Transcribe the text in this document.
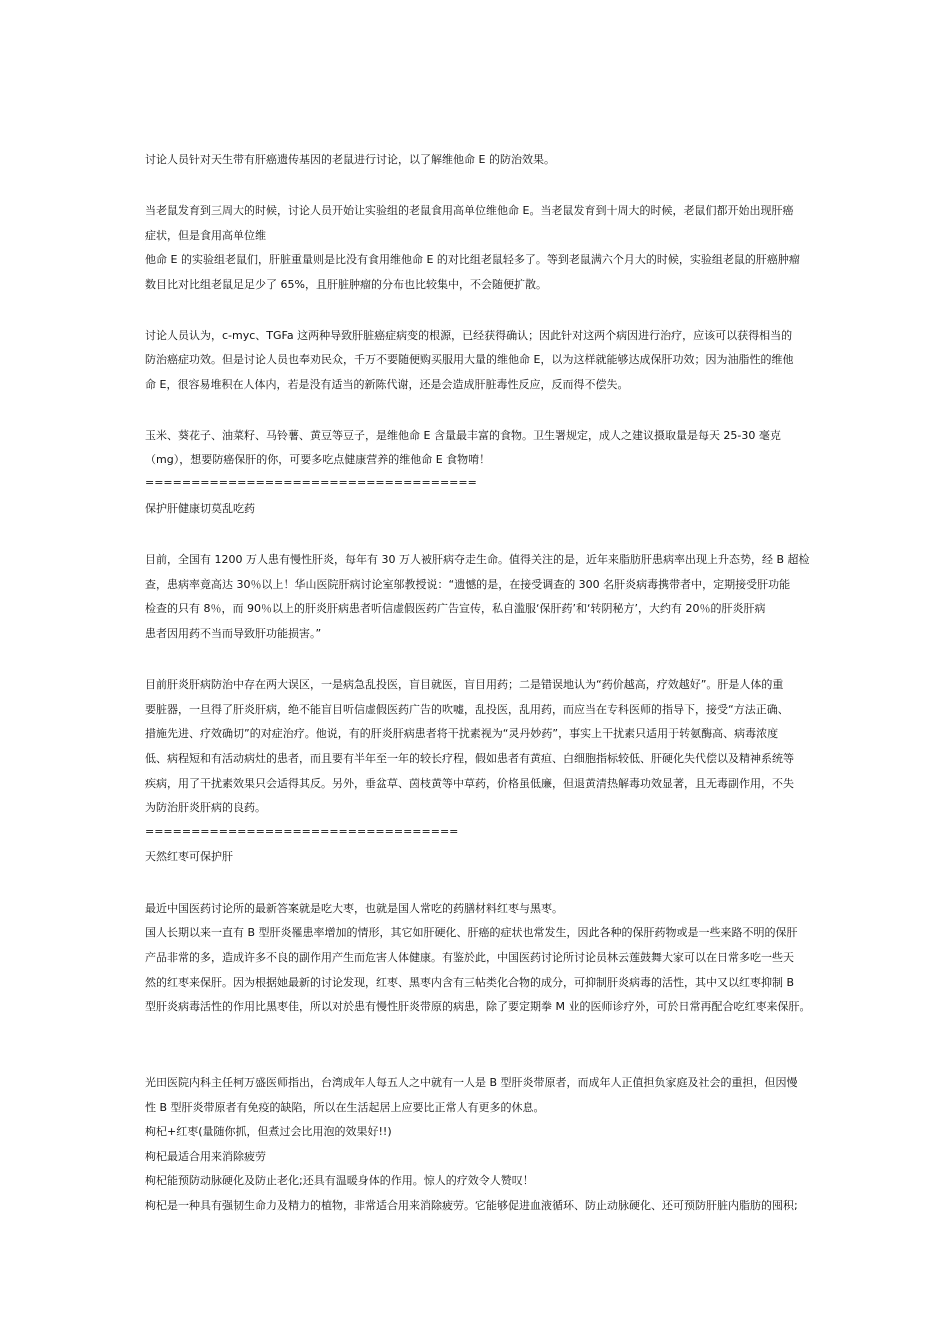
讨论人员针对天生带有肝癌遗传基因的老鼠进行讨论，以了解维他命 E 的防治效果。

当老鼠发育到三周大的时候，讨论人员开始让实验组的老鼠食用高单位维他命 E。当老鼠发育到十周大的时候，老鼠们都开始出现肝癌

症状，但是食用高单位维

他命 E 的实验组老鼠们，肝脏重量则是比没有食用维他命 E 的对比组老鼠轻多了。等到老鼠满六个月大的时候，实验组老鼠的肝癌肿瘤

数目比对比组老鼠足足少了 65%，且肝脏肿瘤的分布也比较集中，不会随便扩散。

讨论人员认为，c-myc、TGFa 这两种导致肝脏癌症病变的根源，已经获得确认；因此针对这两个病因进行治疗，应该可以获得相当的

防治癌症功效。但是讨论人员也奉劝民众，千万不要随便购买服用大量的维他命 E，以为这样就能够达成保肝功效；因为油脂性的维他

命 E，很容易堆积在人体内，若是没有适当的新陈代谢，还是会造成肝脏毒性反应，反而得不偿失。

玉米、葵花子、油菜籽、马铃薯、黄豆等豆子，是维他命 E 含量最丰富的食物。卫生署规定，成人之建议摄取量是每天 25-30 毫克

（mg），想要防癌保肝的你，可要多吃点健康营养的维他命 E 食物唷！

====================================

保护肝健康切莫乱吃药

目前，全国有 1200 万人患有慢性肝炎，每年有 30 万人被肝病夺走生命。值得关注的是，近年来脂肪肝患病率出现上升态势，经 B 超检

查，患病率竟高达 30％以上！华山医院肝病讨论室邬教授说：“遗憾的是，在接受调查的 300 名肝炎病毒携带者中，定期接受肝功能

检查的只有 8％，而 90％以上的肝炎肝病患者听信虚假医药广告宣传，私自滥服‘保肝药’和‘转阴秘方’，大约有 20％的肝炎肝病

患者因用药不当而导致肝功能损害。”

目前肝炎肝病防治中存在两大误区，一是病急乱投医，盲目就医，盲目用药；二是错误地认为“药价越高，疗效越好”。肝是人体的重

要脏器，一旦得了肝炎肝病，绝不能盲目听信虚假医药广告的吹嘘，乱投医，乱用药，而应当在专科医师的指导下，接受“方法正确、

措施先进、疗效确切”的对症治疗。他说，有的肝炎肝病患者将干扰素视为“灵丹妙药”，事实上干扰素只适用于转氨酶高、病毒浓度

低、病程短和有活动病灶的患者，而且要有半年至一年的较长疗程，假如患者有黄疸、白细胞指标较低、肝硬化失代偿以及精神系统等

疾病，用了干扰素效果只会适得其反。另外，垂盆草、茵枝黄等中草药，价格虽低廉，但退黄清热解毒功效显著，且无毒副作用，不失

为防治肝炎肝病的良药。

==================================

天然红枣可保护肝

最近中国医药讨论所的最新答案就是吃大枣，也就是国人常吃的药膳材料红枣与黑枣。

国人长期以来一直有 B 型肝炎罹患率增加的情形，其它如肝硬化、肝癌的症状也常发生，因此各种的保肝药物或是一些来路不明的保肝

产品非常的多，造成许多不良的副作用产生而危害人体健康。有鉴於此，中国医药讨论所讨论员林云莲鼓舞大家可以在日常多吃一些天

然的红枣来保肝。因为根据她最新的讨论发现，红枣、黑枣内含有三帖类化合物的成分，可抑制肝炎病毒的活性，其中又以红枣抑制 B

型肝炎病毒活性的作用比黑枣佳，所以对於患有慢性肝炎带原的病患，除了要定期拳 M 业的医师诊疗外，可於日常再配合吃红枣来保肝。

光田医院内科主任柯万盛医师指出，台湾成年人每五人之中就有一人是 B 型肝炎带原者，而成年人正值担负家庭及社会的重担，但因慢

性 B 型肝炎带原者有免疫的缺陷，所以在生活起居上应要比正常人有更多的休息。

枸杞+红枣(量随你抓，但煮过会比用泡的效果好!!)

枸杞最适合用来消除疲劳

枸杞能预防动脉硬化及防止老化;还具有温暖身体的作用。惊人的疗效令人赞叹！

枸杞是一种具有强韧生命力及精力的植物，非常适合用来消除疲劳。它能够促进血液循环、防止动脉硬化、还可预防肝脏内脂肪的囤积;
